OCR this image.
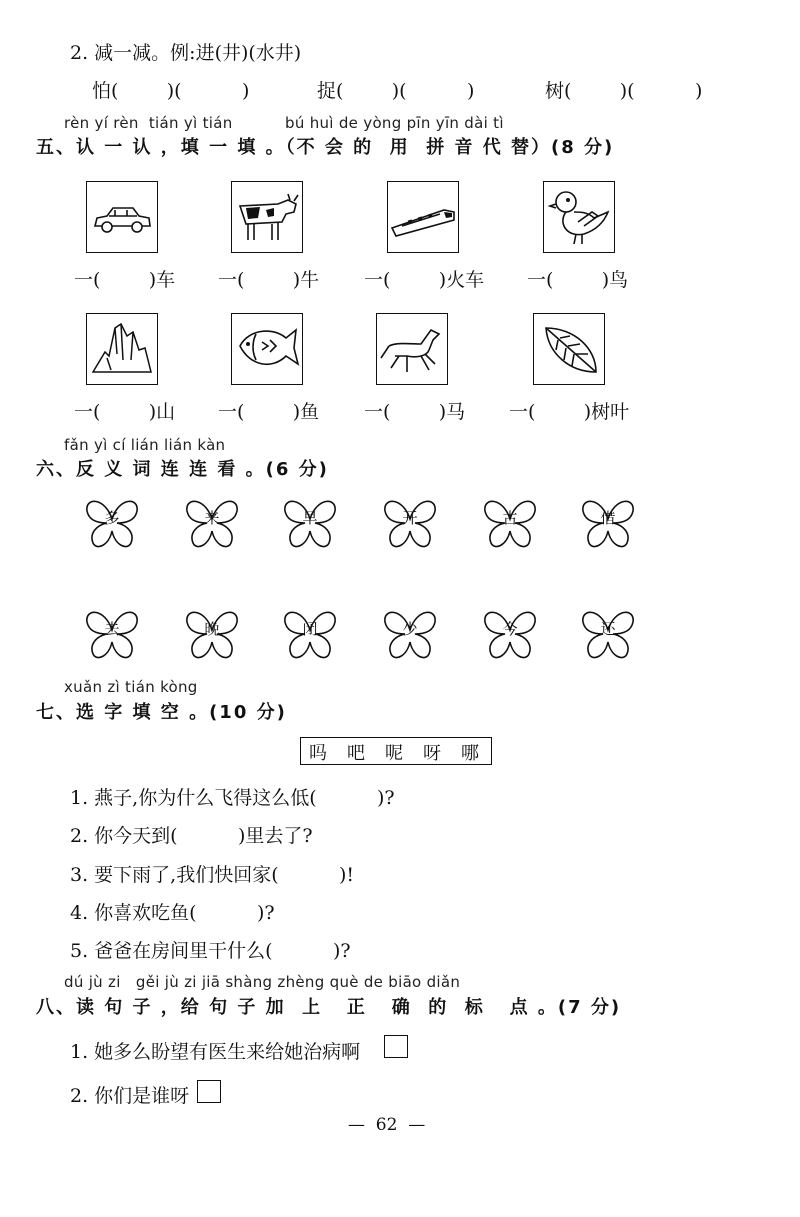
2. 减一减。例:进(井)(水井)
怕(        )(          )	捉(        )(          )	树(        )(          )
rèn yí rèn  tián yì tián	bú huì de yòng pīn yīn dài tì
五、认 一 认 ，填 一 填 。（不 会 的  用  拼 音 代 替）(8 分)
一(        )车 一(        )牛 一(        )火车 一(        )鸟
一(        )山 一(        )鱼 一(        )马 一(        )树叶
fǎn yì cí lián lián kàn
六、反 义 词 连 连 看 。(6 分)
多	来	早	开	古	借
去	晚	闭	少	今	还
xuǎn zì tián kòng
七、选 字 填 空 。(10 分)
吗 吧 呢 呀 哪
1. 燕子,你为什么飞得这么低(          )?
2. 你今天到(          )里去了?
3. 要下雨了,我们快回家(          )!
4. 你喜欢吃鱼(          )?
5. 爸爸在房间里干什么(          )?
dú jù zi   gěi jù zi jiā shàng zhèng què de biāo diǎn
八、读 句 子 ，给 句 子 加  上   正   确  的  标   点 。(7 分)
1. 她多么盼望有医生来给她治病啊
2. 你们是谁呀
—  62  —
